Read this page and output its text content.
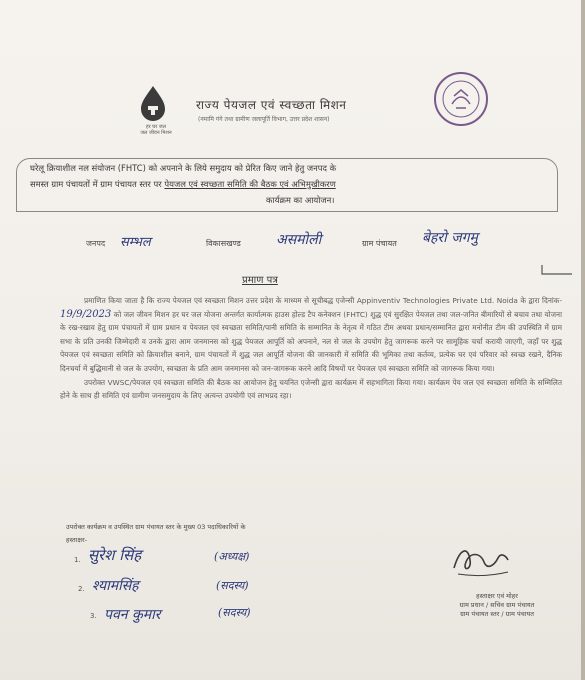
हर घर जल
जल जीवन मिशन
राज्य पेयजल एवं स्वच्छता मिशन
(नमामि गंगे तथा ग्रामीण जलापूर्ति विभाग, उत्तर प्रदेश शासन)
घरेलू क्रियाशील नल संयोजन (FHTC) को अपनाने के लिये समुदाय को प्रेरित किए जाने हेतु जनपद के
समस्त ग्राम पंचायतों में ग्राम पंचायत स्तर पर पेयजल एवं स्वच्छता समिति की बैठक एवं अभिमुखीकरण
कार्यक्रम का आयोजन।
जनपद सम्भल	विकासखण्ड	असमोली	ग्राम पंचायत बेहरो जगमु
प्रमाण पत्र

प्रमाणित किया जाता है कि राज्य पेयजल एवं स्वच्छता मिशन उत्तर प्रदेश के माध्यम से सूचीबद्ध एजेन्सी Appinventiv Technologies Private Ltd. Noida के द्वारा दिनांक- 19/9/2023 को जल जीवन मिशन हर घर जल योजना अन्तर्गत कार्यात्मक हाउस होल्ड टैप कनेक्शन (FHTC) शुद्ध एवं सुरक्षित पेयजल तथा जल-जनित बीमारियों से बचाव तथा योजना के रख-रखाव हेतु ग्राम पंचायतों में ग्राम प्रधान व पेयजल एवं स्वच्छता समिति/पानी समिति के सम्मानित के नेतृत्व में गठित टीम अथवा प्रधान/सम्मानित द्वारा मनोनीत टीम की उपस्थिति में ग्राम सभा के प्रति उनकी जिम्मेदारी व उनके द्वारा आम जनमानस को शुद्ध पेयजल आपूर्ति को अपनाने, नल से जल के उपयोग हेतु जागरूक करने पर सामूहिक चर्चा करायी जाएगी, जहाँ पर शुद्ध पेयजल एवं स्वच्छता समिति को क्रियाशील बनाने, ग्राम पंचायतों में शुद्ध जल आपूर्ति योजना की जानकारी में समिति की भूमिका तथा कर्तव्य, प्रत्येक घर एवं परिवार को स्वच्छ रखने, दैनिक दिनचर्या में बुद्धिमानी से जल के उपयोग, स्वच्छता के प्रति आम जनमानस को जन-जागरूक करने आदि विषयों पर पेयजल एवं स्वच्छता समिति को जागरूक किया गया।

उपरोक्त VWSC/पेयजल एवं स्वच्छता समिति की बैठक का आयोजन हेतु चयनित एजेन्सी द्वारा कार्यक्रम में सहभागिता किया गया। कार्यक्रम पेय जल एवं स्वच्छता समिति के सम्मिलित होने के साथ ही समिति एवं ग्रामीण जनसमुदाय के लिए अत्यन्त उपयोगी एवं लाभप्रद रहा।

उपरोक्त कार्यक्रम व उपस्थित ग्राम पंचायत स्तर के मुख्य 03 पदाधिकारियों के
हस्ताक्षर-
1. सुरेश सिंह	(अध्यक्ष)
2. श्यामसिंह	(सदस्य)
3. पवन कुमार	(सदस्य)
हस्ताक्षर एवं मोहर
ग्राम प्रधान / सचिव ग्राम पंचायत
ग्राम पंचायत स्तर / ग्राम पंचायत
